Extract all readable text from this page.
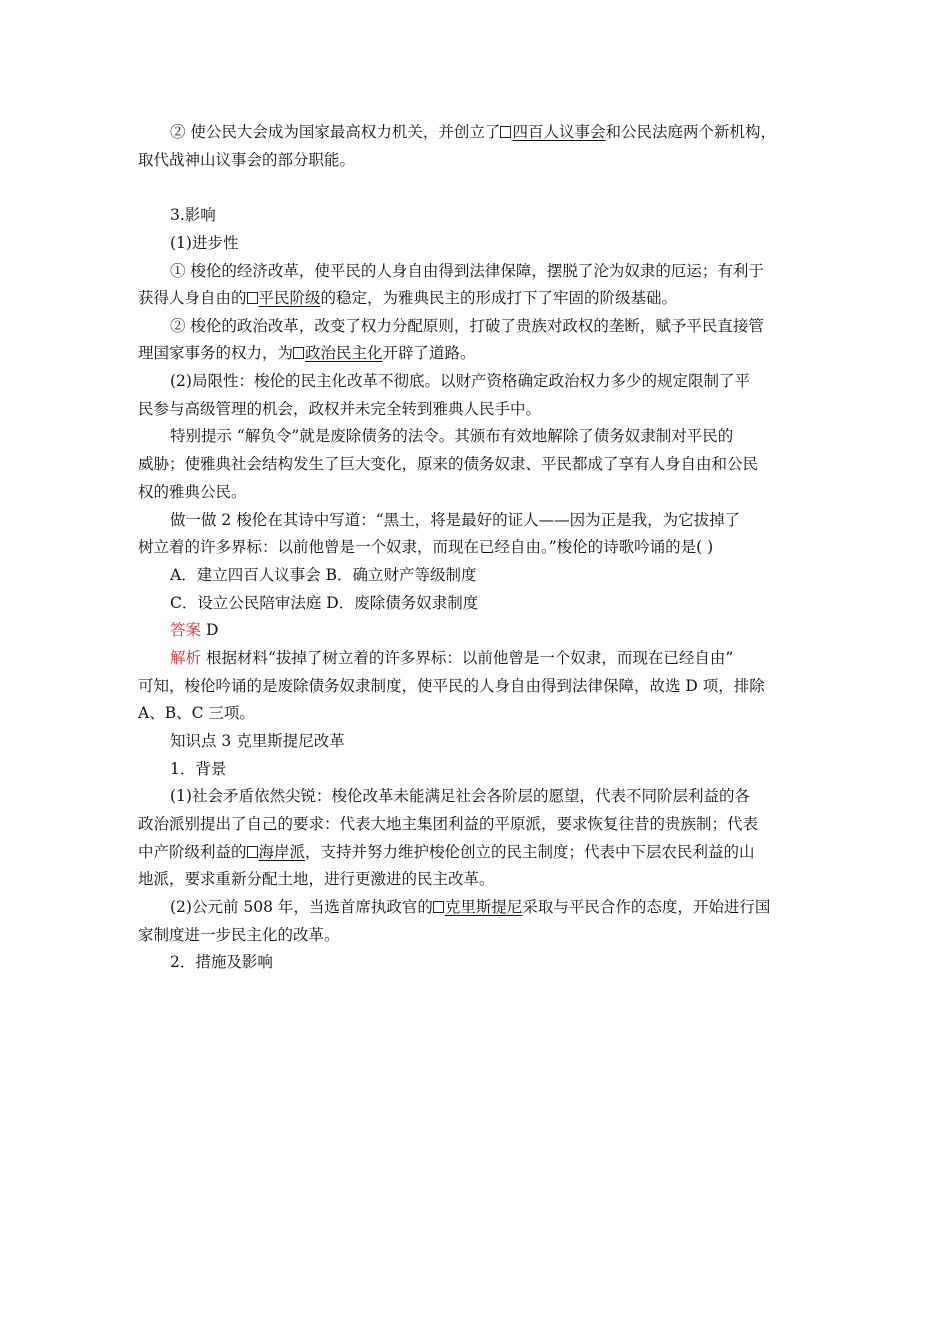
② 使公民大会成为国家最高权力机关，并创立了 四百人议事会和公民法庭两个新机构，
取代战神山议事会的部分职能。
3.影响
(1)进步性
① 梭伦的经济改革，使平民的人身自由得到法律保障，摆脱了沦为奴隶的厄运；有利于
获得人身自由的 平民阶级的稳定，为雅典民主的形成打下了牢固的阶级基础。
② 梭伦的政治改革，改变了权力分配原则，打破了贵族对政权的垄断，赋予平民直接管
理国家事务的权力，为 政治民主化开辟了道路。
(2)局限性：梭伦的民主化改革不彻底。以财产资格确定政治权力多少的规定限制了平
民参与高级管理的机会，政权并未完全转到雅典人民手中。
特别提示 “解负令”就是废除债务的法令。其颁布有效地解除了债务奴隶制对平民的
威胁；使雅典社会结构发生了巨大变化，原来的债务奴隶、平民都成了享有人身自由和公民
权的雅典公民。
做一做 2 梭伦在其诗中写道：“黑土，将是最好的证人——因为正是我，为它拔掉了
树立着的许多界标：以前他曾是一个奴隶，而现在已经自由。”梭伦的诗歌吟诵的是( )
A．建立四百人议事会 B．确立财产等级制度
C．设立公民陪审法庭 D．废除债务奴隶制度
答案 D
解析 根据材料“拔掉了树立着的许多界标：以前他曾是一个奴隶，而现在已经自由”
可知，梭伦吟诵的是废除债务奴隶制度，使平民的人身自由得到法律保障，故选 D 项，排除
A、B、C 三项。
知识点 3 克里斯提尼改革
1．背景
(1)社会矛盾依然尖锐：梭伦改革未能满足社会各阶层的愿望，代表不同阶层利益的各
政治派别提出了自己的要求：代表大地主集团利益的平原派，要求恢复往昔的贵族制；代表
中产阶级利益的 海岸派，支持并努力维护梭伦创立的民主制度；代表中下层农民利益的山
地派，要求重新分配土地，进行更激进的民主改革。
(2)公元前 508 年，当选首席执政官的 克里斯提尼采取与平民合作的态度，开始进行国
家制度进一步民主化的改革。
2．措施及影响
